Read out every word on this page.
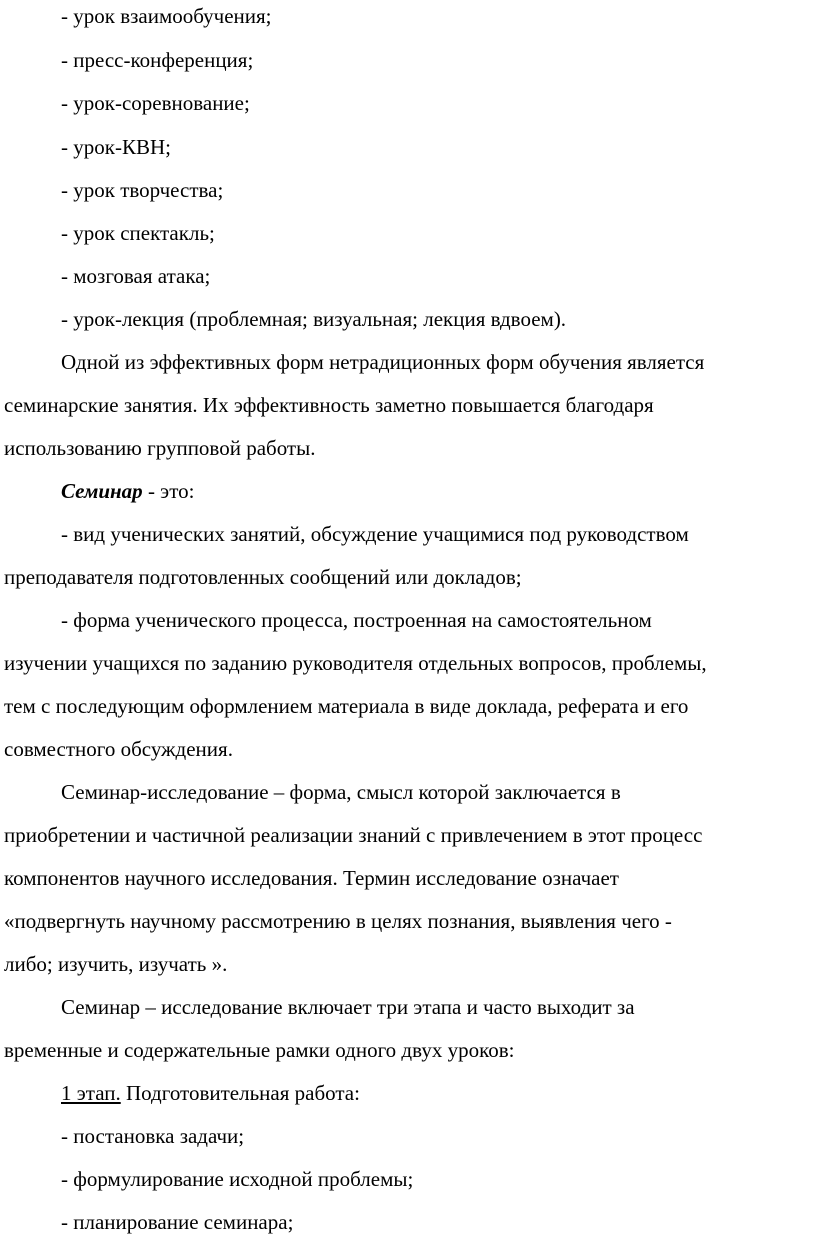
- урок взаимообучения;
- пресс-конференция;
- урок-соревнование;
- урок-КВН;
- урок творчества;
- урок спектакль;
- мозговая атака;
- урок-лекция (проблемная; визуальная; лекция вдвоем).
Одной из эффективных форм нетрадиционных форм обучения является
семинарские занятия. Их эффективность заметно повышается благодаря
использованию групповой работы.
Семинар - это:
- вид ученических занятий, обсуждение учащимися под руководством
преподавателя подготовленных сообщений или докладов;
- форма ученического процесса, построенная на самостоятельном
изучении учащихся по заданию руководителя отдельных вопросов, проблемы,
тем с последующим оформлением материала в виде доклада, реферата и его
совместного обсуждения.
Семинар-исследование – форма, смысл которой заключается в
приобретении и частичной реализации знаний с привлечением в этот процесс
компонентов научного исследования. Термин исследование означает
«подвергнуть научному рассмотрению в целях познания, выявления чего -
либо; изучить, изучать ».
Семинар – исследование включает три этапа и часто выходит за
временные и содержательные рамки одного двух уроков:
1 этап. Подготовительная работа:
- постановка задачи;
- формулирование исходной проблемы;
- планирование семинара;
